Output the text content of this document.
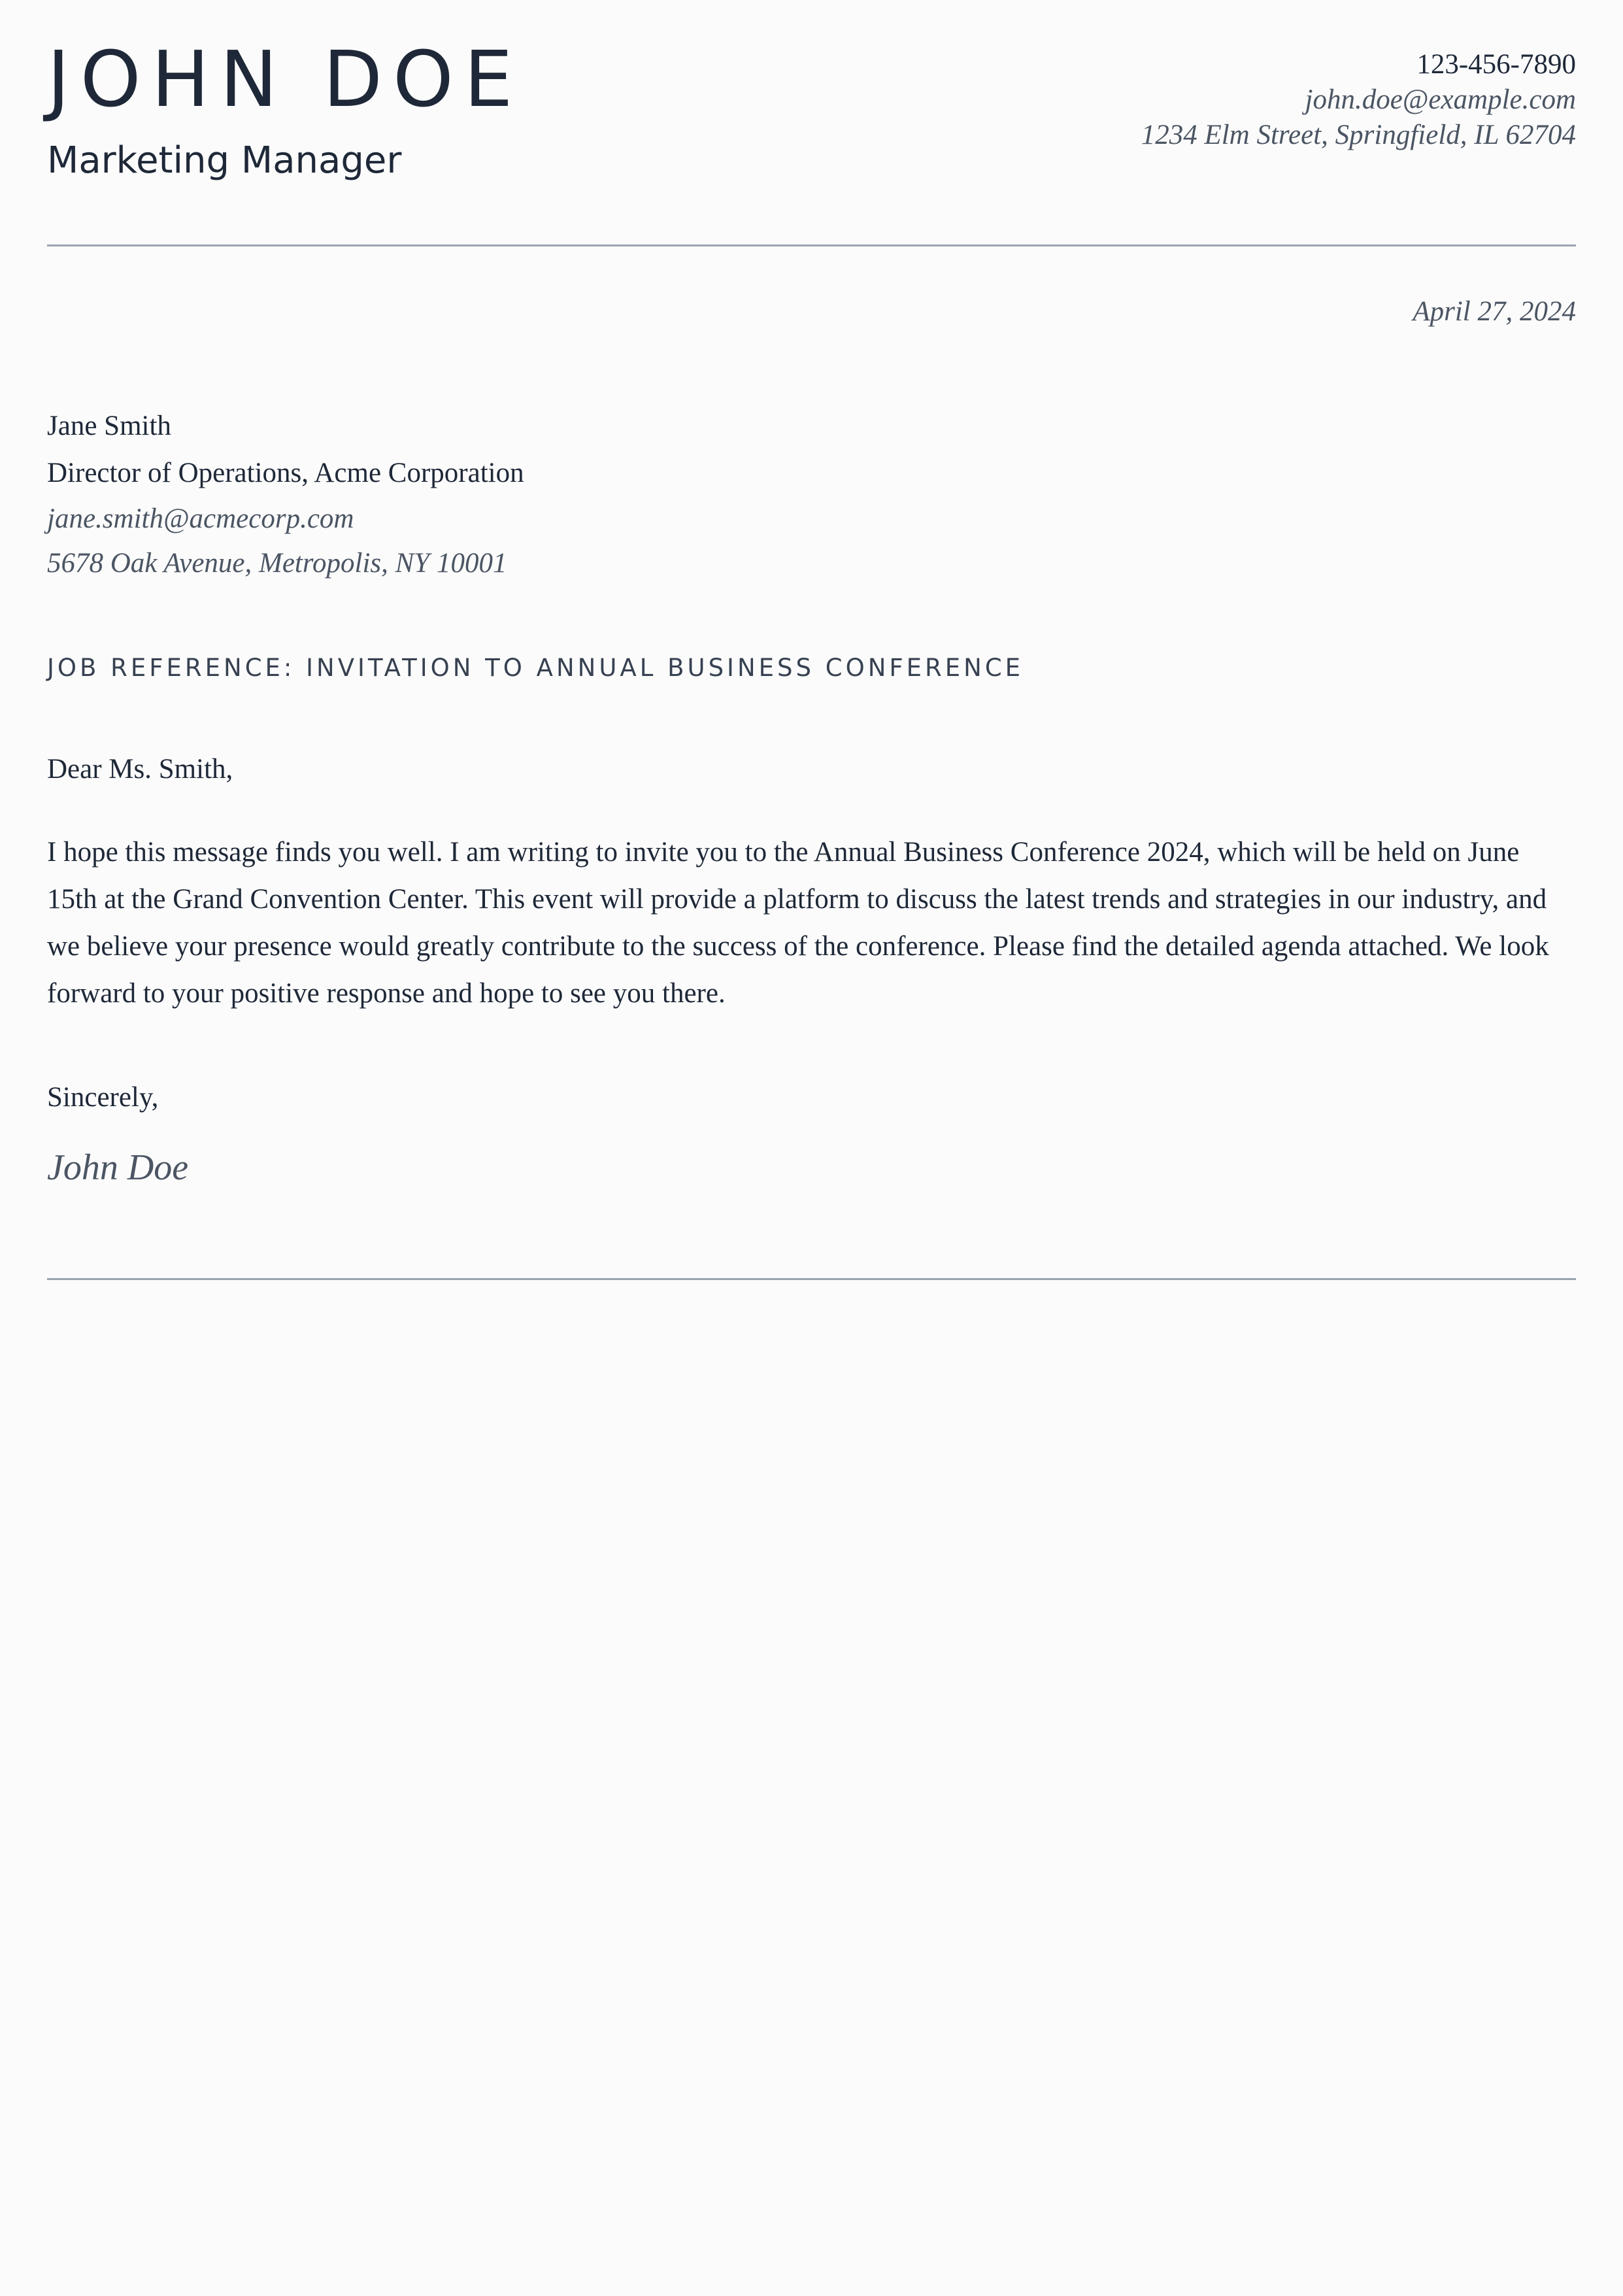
JOHN DOE
Marketing Manager
123-456-7890
john.doe@example.com
1234 Elm Street, Springfield, IL 62704
April 27, 2024
Jane Smith
Director of Operations, Acme Corporation
jane.smith@acmecorp.com
5678 Oak Avenue, Metropolis, NY 10001
JOB REFERENCE: INVITATION TO ANNUAL BUSINESS CONFERENCE
Dear Ms. Smith,

I hope this message finds you well. I am writing to invite you to the Annual Business Conference 2024, which will be held on June 15th at the Grand Convention Center. This event will provide a platform to discuss the latest trends and strategies in our industry, and we believe your presence would greatly contribute to the success of the conference. Please find the detailed agenda attached. We look forward to your positive response and hope to see you there.

Sincerely,
John Doe
